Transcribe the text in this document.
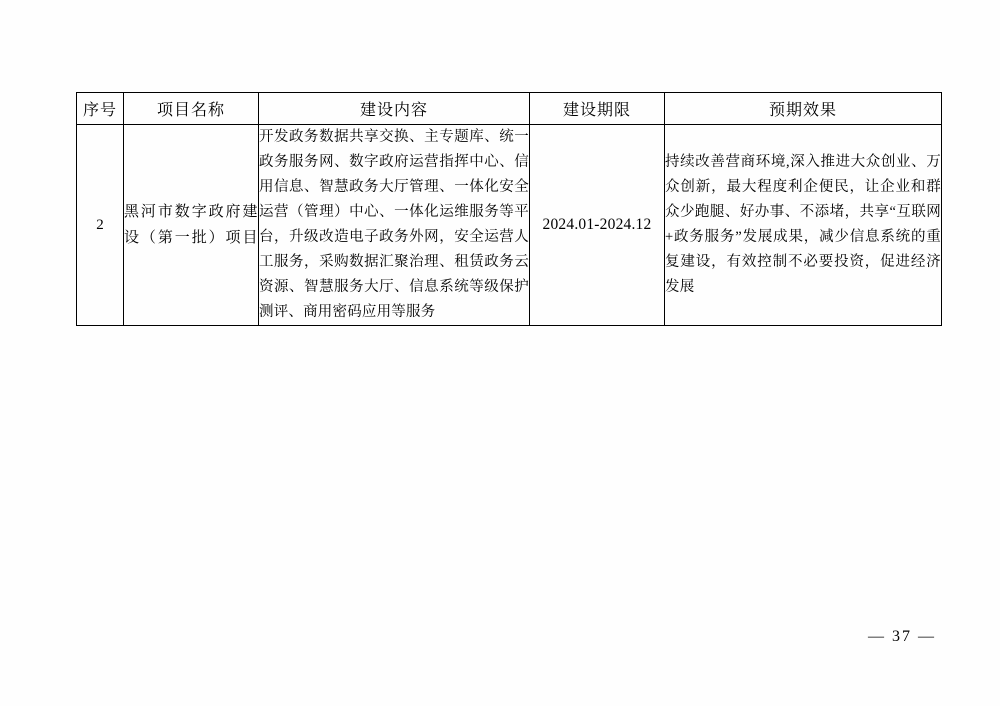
序号	项目名称	建设内容	建设期限	预期效果
2	黑河市数字政府建设（第一批）项目	开发政务数据共享交换、主专题库、统一政务服务网、数字政府运营指挥中心、信用信息、智慧政务大厅管理、一体化安全运营（管理）中心、一体化运维服务等平台，升级改造电子政务外网，安全运营人工服务，采购数据汇聚治理、租赁政务云资源、智慧服务大厅、信息系统等级保护测评、商用密码应用等服务	2024.01-2024.12	持续改善营商环境,深入推进大众创业、万众创新，最大程度利企便民，让企业和群众少跑腿、好办事、不添堵，共享“互联网+政务服务”发展成果，减少信息系统的重复建设，有效控制不必要投资，促进经济发展
— 37 —
